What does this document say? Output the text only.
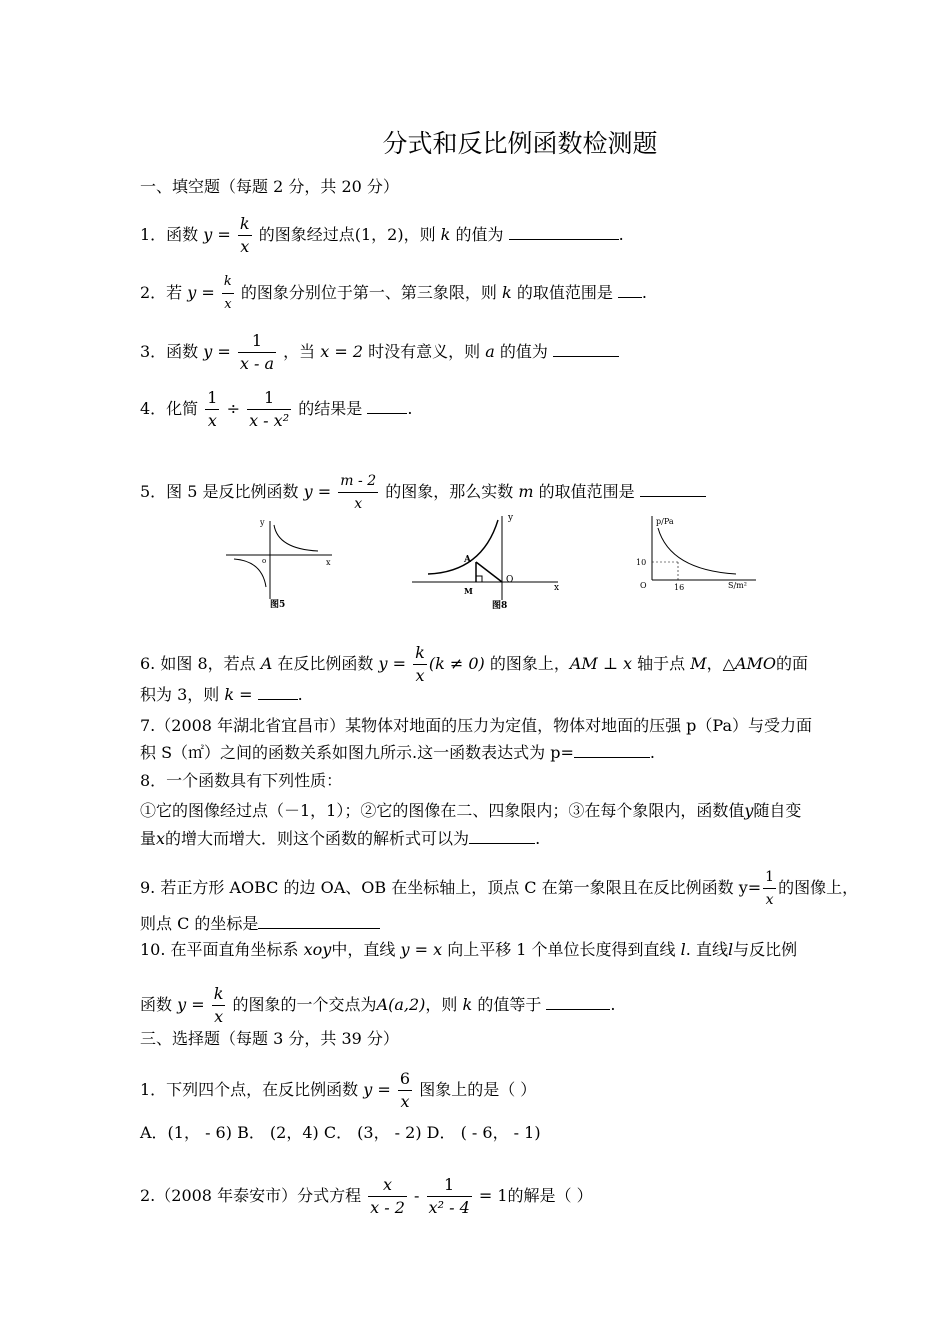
分式和反比例函数检测题
一、填空题（每题 2 分，共 20 分）
1．函数 $y = \frac{k}{x}$ 的图象经过点(1，2)，则 k 的值为	.
2．若 $y = \frac{k}{x}$ 的图象分别位于第一、第三象限，则 k 的取值范围是 .
3．函数 $y = \frac{1}{x - a}$ ，当 x = 2 时没有意义，则 a 的值为
4．化简 $\frac{1}{x} \div \frac{1}{\text{x - x²}}$ 的结果是	.
5．图 5 是反比例函数 $y = \frac{m - 2}{x}$ 的图象，那么实数 m 的取值范围是
y
x
o
图5
y
x
O
A
M
图8
p/Pa
S/m²
O
10
16
6. 如图 8，若点 A 在反比例函数 $y = \frac{k}{x} (k \ne 0)$ 的图象上，AM ⊥ x 轴于点 M，△AMO的面
积为 3，则 k =	.
7.（2008 年湖北省宜昌市）某物体对地面的压力为定值，物体对地面的压强 p（Pa）与受力面
积 S（㎡）之间的函数关系如图九所示.这一函数表达式为 p=	.
8．一个函数具有下列性质：
①它的图像经过点（－1，1）；②它的图像在二、四象限内；③在每个象限内，函数值y随自变
量x的增大而增大．则这个函数的解析式可以为	.
9. 若正方形 AOBC 的边 OA、OB 在坐标轴上，顶点 C 在第一象限且在反比例函数 $y= \frac{1}{x}$ 的图像上，
则点 C 的坐标是
10. 在平面直角坐标系 xoy中，直线 y = x 向上平移 1 个单位长度得到直线 l. 直线l与反比例
函数 $y = \frac{k}{x}$ 的图象的一个交点为A(a,2)，则 k 的值等于	.
三、选择题（每题 3 分，共 39 分）
1．下列四个点，在反比例函数 $y = \frac{6}{x}$ 图象上的是（ ）
A．(1， - 6) B． (2，4) C． (3， - 2) D． ( - 6， - 1)
2.（2008 年泰安市）分式方程 $\frac{x}{x - 2} - \frac{1}{\text{x² - 4}} = 1$的解是（ ）
